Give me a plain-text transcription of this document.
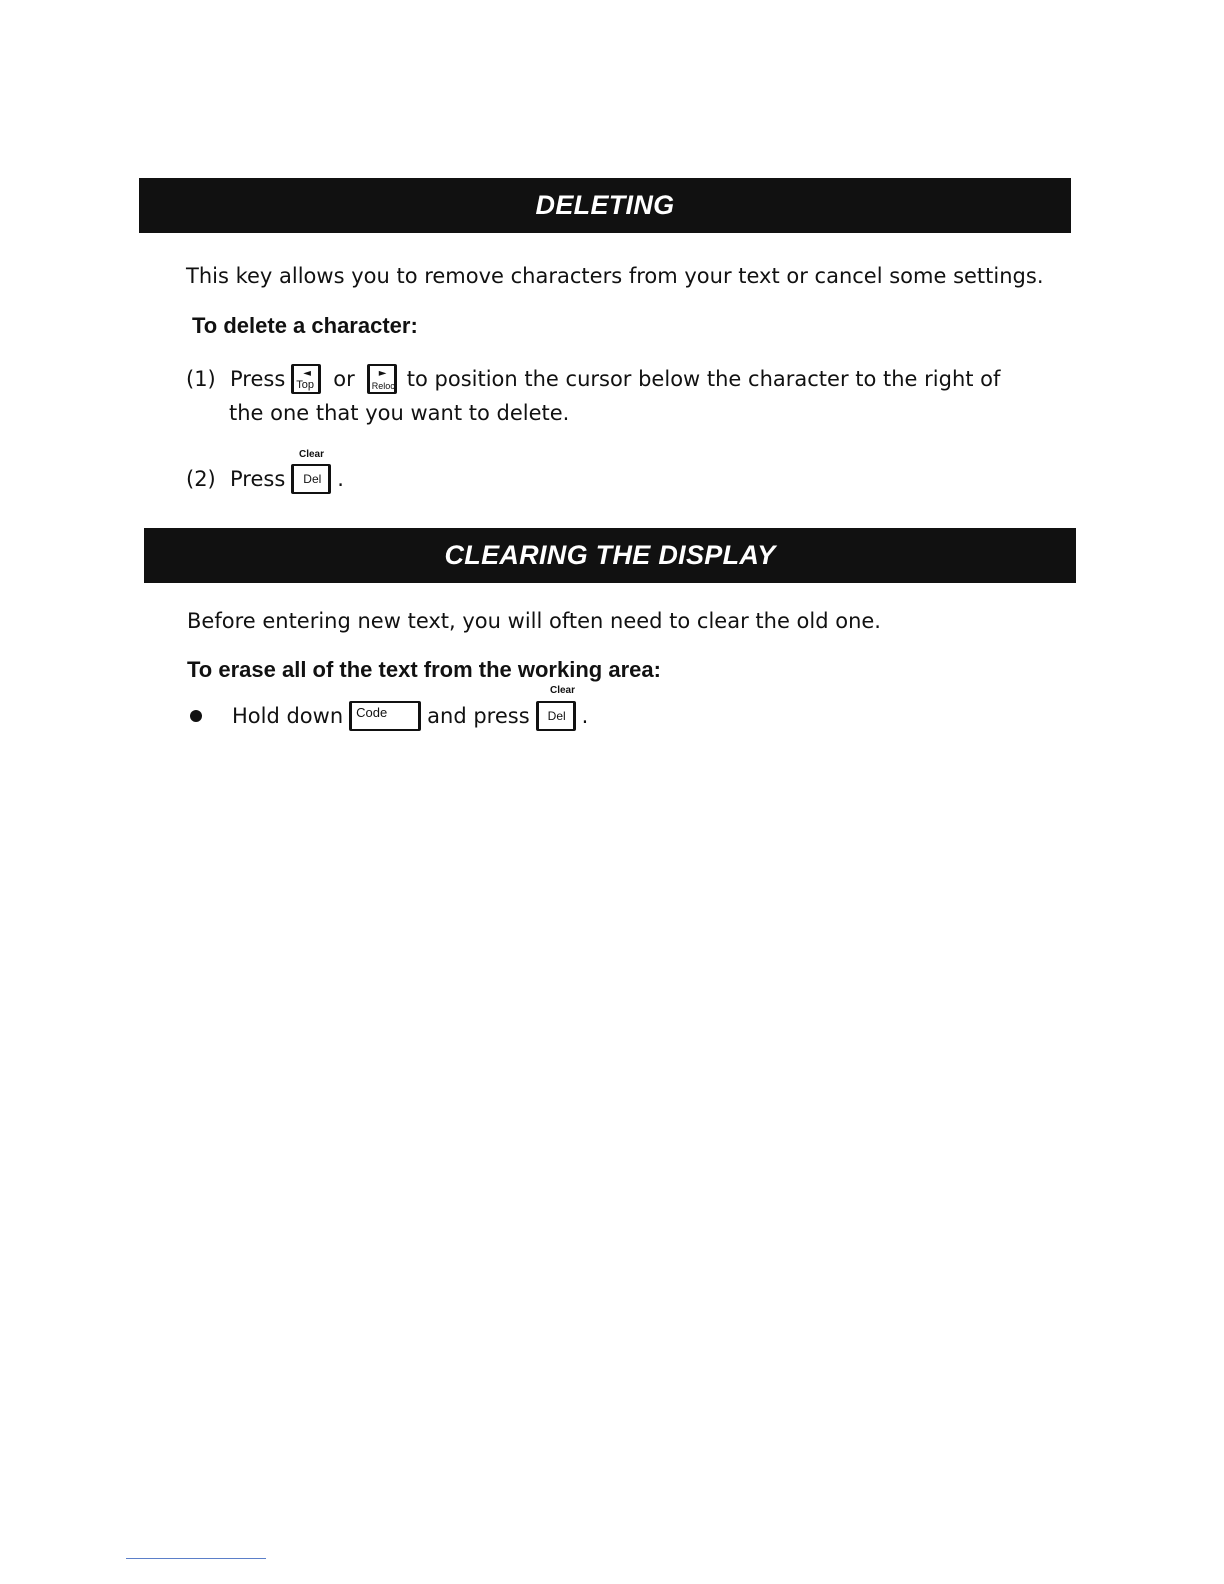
DELETING
This key allows you to remove characters from your text or cancel some settings.
To delete a character:
(1) Press ◄
Top or ►
Reloc to position the cursor below the character to the right of
the one that you want to delete.
Clear
(2) Press Del .
CLEARING THE DISPLAY
Before entering new text, you will often need to clear the old one.
To erase all of the text from the working area:
Clear
Hold down Code and press Del .
